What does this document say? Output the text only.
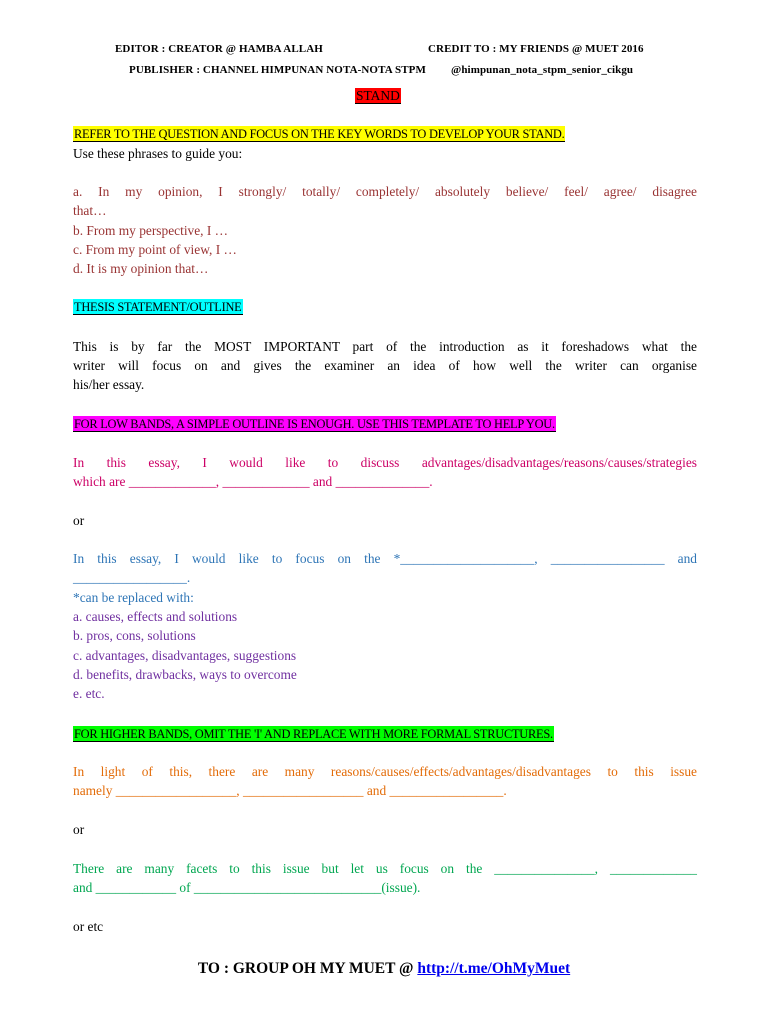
EDITOR : CREATOR @ HAMBA ALLAH	CREDIT TO : MY FRIENDS @ MUET 2016
PUBLISHER : CHANNEL HIMPUNAN NOTA-NOTA STPM @himpunan_nota_stpm_senior_cikgu
STAND
REFER TO THE QUESTION AND FOCUS ON THE KEY WORDS TO DEVELOP YOUR STAND.
Use these phrases to guide you:
a. In my opinion, I strongly/ totally/ completely/ absolutely believe/ feel/ agree/ disagree
that…
b. From my perspective, I …
c. From my point of view, I …
d. It is my opinion that…
THESIS STATEMENT/OUTLINE
This is by far the MOST IMPORTANT part of the introduction as it foreshadows what the
writer will focus on and gives the examiner an idea of how well the writer can organise
his/her essay.
FOR LOW BANDS, A SIMPLE OUTLINE IS ENOUGH. USE THIS TEMPLATE TO HELP YOU.
In this essay, I would like to discuss advantages/disadvantages/reasons/causes/strategies
which are _____________, _____________ and ______________.
or
In this essay, I would like to focus on the *____________________, _________________ and
_________________.
*can be replaced with:
a. causes, effects and solutions
b. pros, cons, solutions
c. advantages, disadvantages, suggestions
d. benefits, drawbacks, ways to overcome
e. etc.
FOR HIGHER BANDS, OMIT THE 'I' AND REPLACE WITH MORE FORMAL STRUCTURES.
In light of this, there are many reasons/causes/effects/advantages/disadvantages to this issue
namely __________________, __________________ and _________________.
or
There are many facets to this issue but let us focus on the _______________, _____________
and ____________ of ____________________________(issue).
or etc
TO : GROUP OH MY MUET @ http://t.me/OhMyMuet
